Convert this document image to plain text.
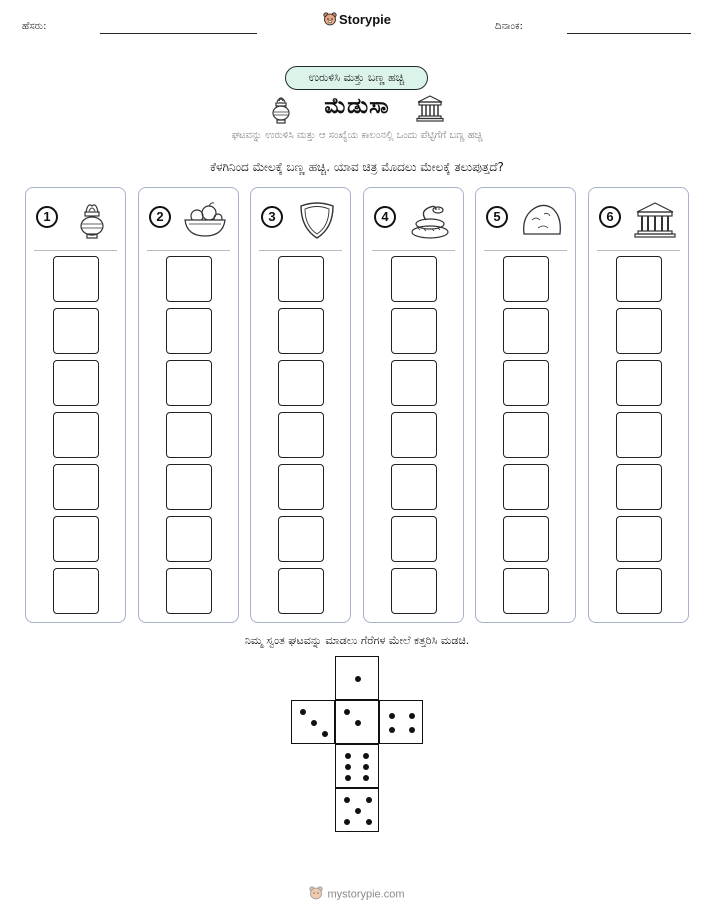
ಹೆಸರು:	Storypie	ದಿನಾಂಕ:
ಉರುಳಿಸಿ ಮತ್ತು ಬಣ್ಣ ಹಚ್ಚಿ
ಮೆಡುಸಾ
ಘಟವನ್ನು ಉರುಳಿಸಿ ಮತ್ತು ಆ ಸಂಖ್ಯೆಯ ಕಾಲಂನಲ್ಲಿ ಒಂದು ಪೆಟ್ಟಿಗೆಗೆ ಬಣ್ಣ ಹಚ್ಚಿ
ಕೆಳಗಿನಿಂದ ಮೇಲಕ್ಕೆ ಬಣ್ಣ ಹಚ್ಚಿ. ಯಾವ ಚಿತ್ರ ಮೊದಲು ಮೇಲಕ್ಕೆ ತಲುಪುತ್ತದೆ?
1	2	3	4	5	6
ನಿಮ್ಮ ಸ್ವಂತ ಘಟವನ್ನು ಮಾಡಲು ಗೆರೆಗಳ ಮೇಲೆ ಕತ್ತರಿಸಿ ಮಡಚಿ.
mystorypie.com
